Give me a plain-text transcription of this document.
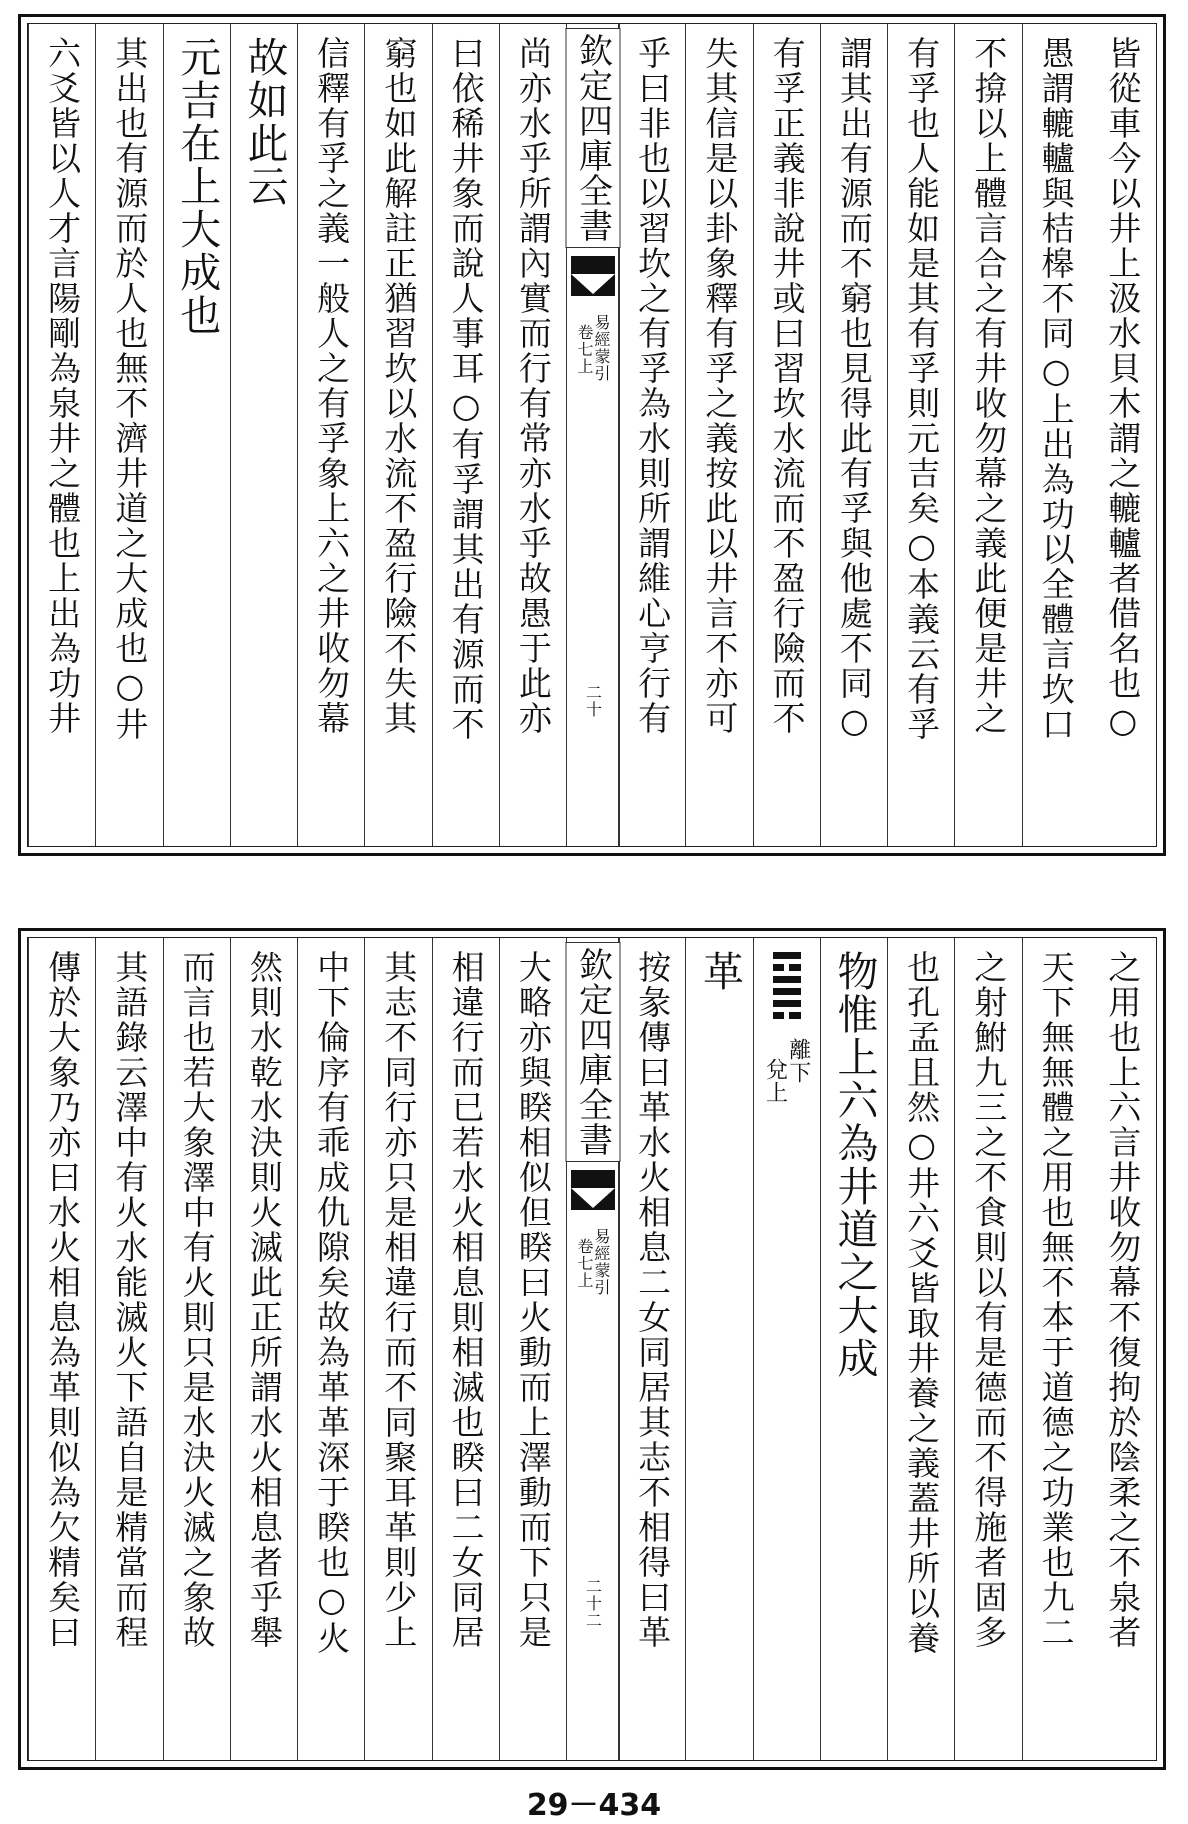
皆從車今以井上汲水貝木謂之轆轤者借名也○
愚謂轆轤與桔槔不同○上出為功以全體言坎口
不揜以上體言合之有井收勿幕之義此便是井之
有孚也人能如是其有孚則元吉矣○本義云有孚
謂其出有源而不窮也見得此有孚與他處不同○
有孚正義非說井或曰習坎水流而不盈行險而不
失其信是以卦象釋有孚之義按此以井言不亦可
乎曰非也以習坎之有孚為水則所謂維心亨行有
尚亦水乎所謂內實而行有常亦水乎故愚于此亦
曰依稀井象而說人事耳○有孚謂其出有源而不
窮也如此解註正猶習坎以水流不盈行險不失其
信釋有孚之義一般人之有孚象上六之井收勿幕
故如此云
元吉在上大成也
其出也有源而於人也無不濟井道之大成也○井
六爻皆以人才言陽剛為泉井之體也上出為功井	欽定四庫全書
易經蒙引
卷七上
二十
之用也上六言井收勿幕不復拘於陰柔之不泉者
天下無無體之用也無不本于道德之功業也九二
之射鮒九三之不食則以有是德而不得施者固多
也孔孟且然○井六爻皆取井養之義蓋井所以養
物惟上六為井道之大成
離下
兌上
革
按彖傳曰革水火相息二女同居其志不相得曰革
大略亦與睽相似但睽曰火動而上澤動而下只是
相違行而已若水火相息則相滅也睽曰二女同居
其志不同行亦只是相違行而不同聚耳革則少上
中下倫序有乖成仇隙矣故為革革深于睽也○火
然則水乾水決則火滅此正所謂水火相息者乎舉
而言也若大象澤中有火則只是水決火滅之象故
其語錄云澤中有火水能滅火下語自是精當而程
傳於大象乃亦曰水火相息為革則似為欠精矣曰	欽定四庫全書
易經蒙引
卷七上
二十二
29－434
